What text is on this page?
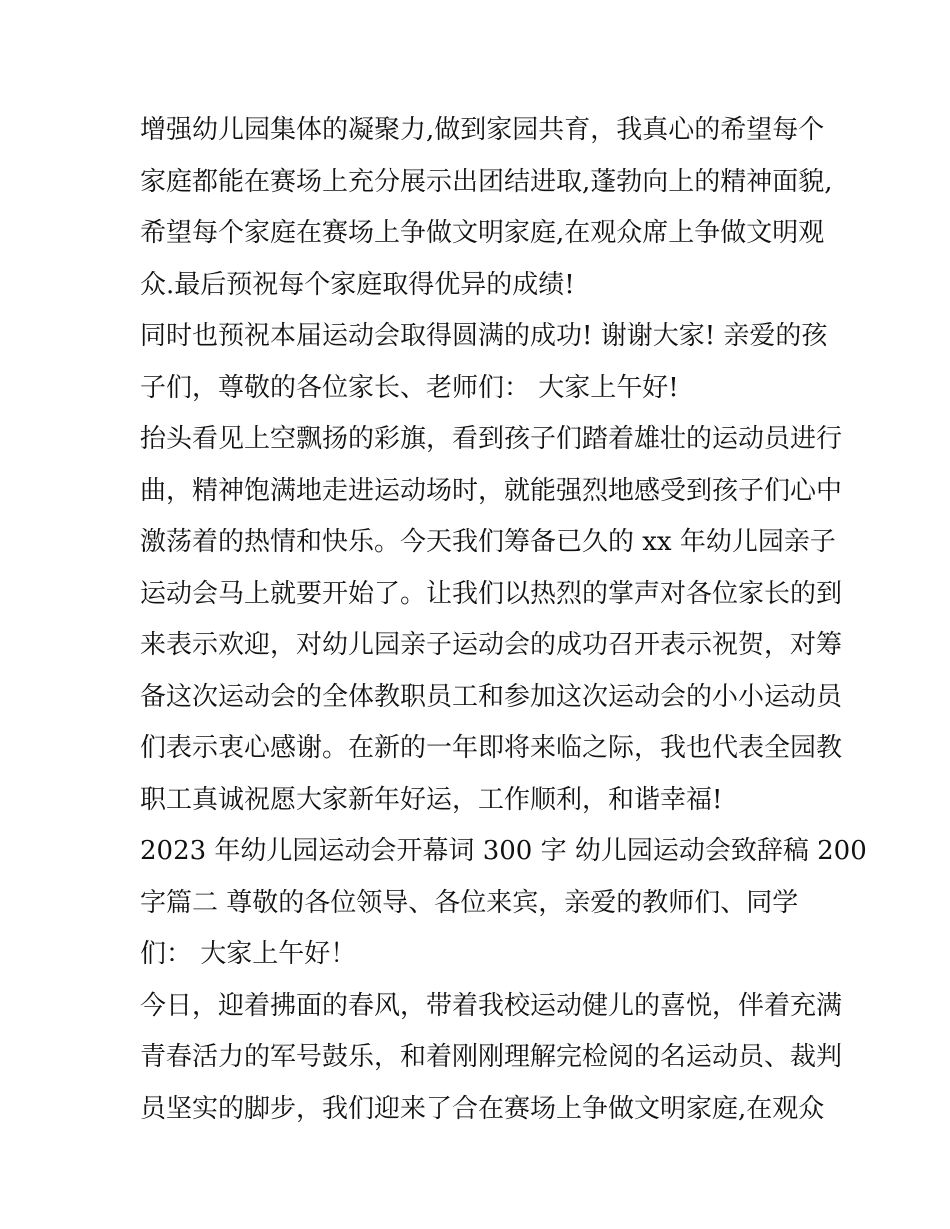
增强幼儿园集体的凝聚力,做到家园共育，我真心的希望每个
家庭都能在赛场上充分展示出团结进取,蓬勃向上的精神面貌,
希望每个家庭在赛场上争做文明家庭,在观众席上争做文明观
众.最后预祝每个家庭取得优异的成绩!
同时也预祝本届运动会取得圆满的成功! 谢谢大家! 亲爱的孩
子们，尊敬的各位家长、老师们： 大家上午好!
抬头看见上空飘扬的彩旗，看到孩子们踏着雄壮的运动员进行
曲，精神饱满地走进运动场时，就能强烈地感受到孩子们心中
激荡着的热情和快乐。今天我们筹备已久的 xx 年幼儿园亲子
运动会马上就要开始了。让我们以热烈的掌声对各位家长的到
来表示欢迎，对幼儿园亲子运动会的成功召开表示祝贺，对筹
备这次运动会的全体教职员工和参加这次运动会的小小运动员
们表示衷心感谢。在新的一年即将来临之际，我也代表全园教
职工真诚祝愿大家新年好运，工作顺利，和谐幸福!
2023 年幼儿园运动会开幕词 300 字 幼儿园运动会致辞稿 200
字篇二 尊敬的各位领导、各位来宾，亲爱的教师们、同学
们： 大家上午好！
今日，迎着拂面的春风，带着我校运动健儿的喜悦，伴着充满
青春活力的军号鼓乐，和着刚刚理解完检阅的名运动员、裁判
员坚实的脚步，我们迎来了合在赛场上争做文明家庭,在观众
